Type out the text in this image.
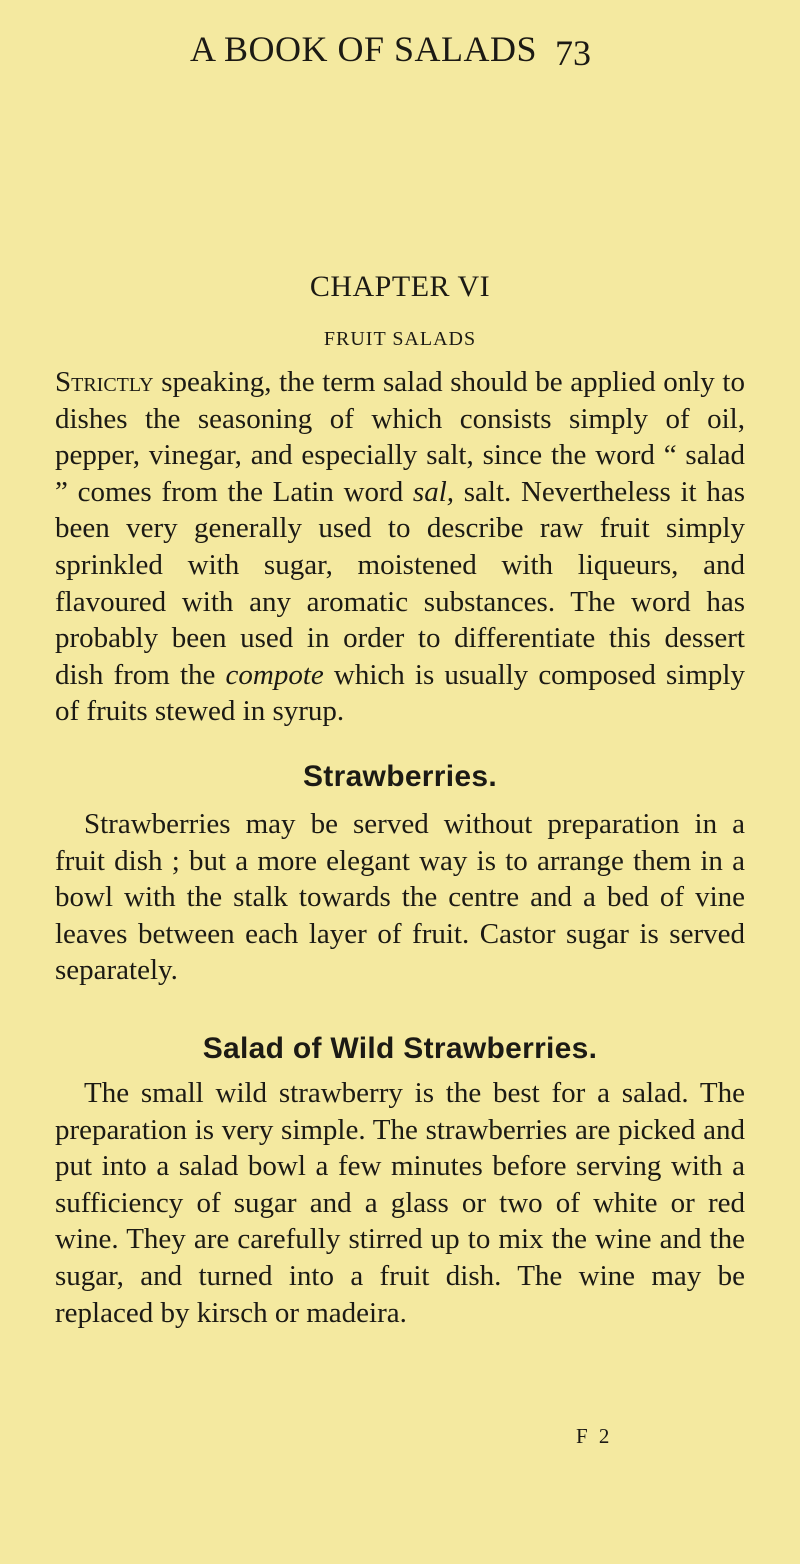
A BOOK OF SALADS 73
CHAPTER VI
FRUIT SALADS

Strictly speaking, the term salad should be applied only to dishes the seasoning of which consists simply of oil, pepper, vinegar, and especially salt, since the word “ salad ” comes from the Latin word sal, salt. Nevertheless it has been very generally used to describe raw fruit simply sprinkled with sugar, moistened with liqueurs, and flavoured with any aromatic substances. The word has probably been used in order to differentiate this dessert dish from the compote which is usually composed simply of fruits stewed in syrup.

Strawberries.

Strawberries may be served without preparation in a fruit dish ; but a more elegant way is to arrange them in a bowl with the stalk towards the centre and a bed of vine leaves between each layer of fruit. Castor sugar is served separately.

Salad of Wild Strawberries.

The small wild strawberry is the best for a salad. The preparation is very simple. The strawberries are picked and put into a salad bowl a few minutes before serving with a sufficiency of sugar and a glass or two of white or red wine. They are carefully stirred up to mix the wine and the sugar, and turned into a fruit dish. The wine may be replaced by kirsch or madeira.

F 2
